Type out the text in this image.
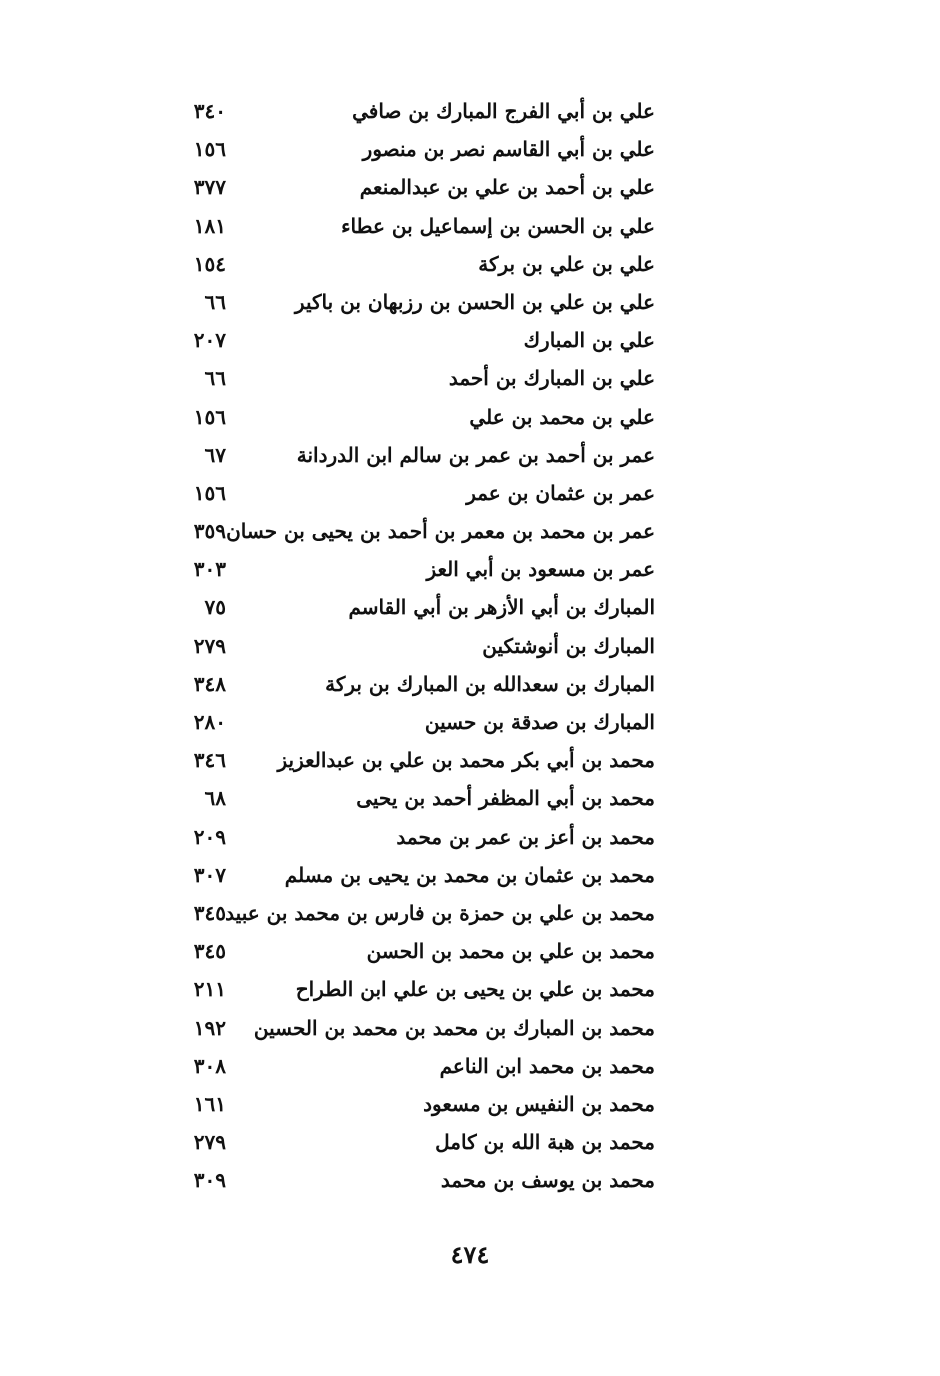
علي بن أبي الفرج المبارك بن صافي
٣٤٠
علي بن أبي القاسم نصر بن منصور
١٥٦
علي بن أحمد بن علي بن عبدالمنعم
٣٧٧
علي بن الحسن بن إسماعيل بن عطاء
١٨١
علي بن علي بن بركة
١٥٤
علي بن علي بن الحسن بن رزبهان بن باكير
٦٦
علي بن المبارك
٢٠٧
علي بن المبارك بن أحمد
٦٦
علي بن محمد بن علي
١٥٦
عمر بن أحمد بن عمر بن سالم ابن الدردانة
٦٧
عمر بن عثمان بن عمر
١٥٦
عمر بن محمد بن معمر بن أحمد بن يحيى بن حسان
٣٥٩
عمر بن مسعود بن أبي العز
٣٠٣
المبارك بن أبي الأزهر بن أبي القاسم
٧٥
المبارك بن أنوشتكين
٢٧٩
المبارك بن سعدالله بن المبارك بن بركة
٣٤٨
المبارك بن صدقة بن حسين
٢٨٠
محمد بن أبي بكر محمد بن علي بن عبدالعزيز
٣٤٦
محمد بن أبي المظفر أحمد بن يحيى
٦٨
محمد بن أعز بن عمر بن محمد
٢٠٩
محمد بن عثمان بن محمد بن يحيى بن مسلم
٣٠٧
محمد بن علي بن حمزة بن فارس بن محمد بن عبيد
٣٤٥
محمد بن علي بن محمد بن الحسن
٣٤٥
محمد بن علي بن يحيى بن علي ابن الطراح
٢١١
محمد بن المبارك بن محمد بن محمد بن الحسين
١٩٢
محمد بن محمد ابن الناعم
٣٠٨
محمد بن النفيس بن مسعود
١٦١
محمد بن هبة الله بن كامل
٢٧٩
محمد بن يوسف بن محمد
٣٠٩
٤٧٤
